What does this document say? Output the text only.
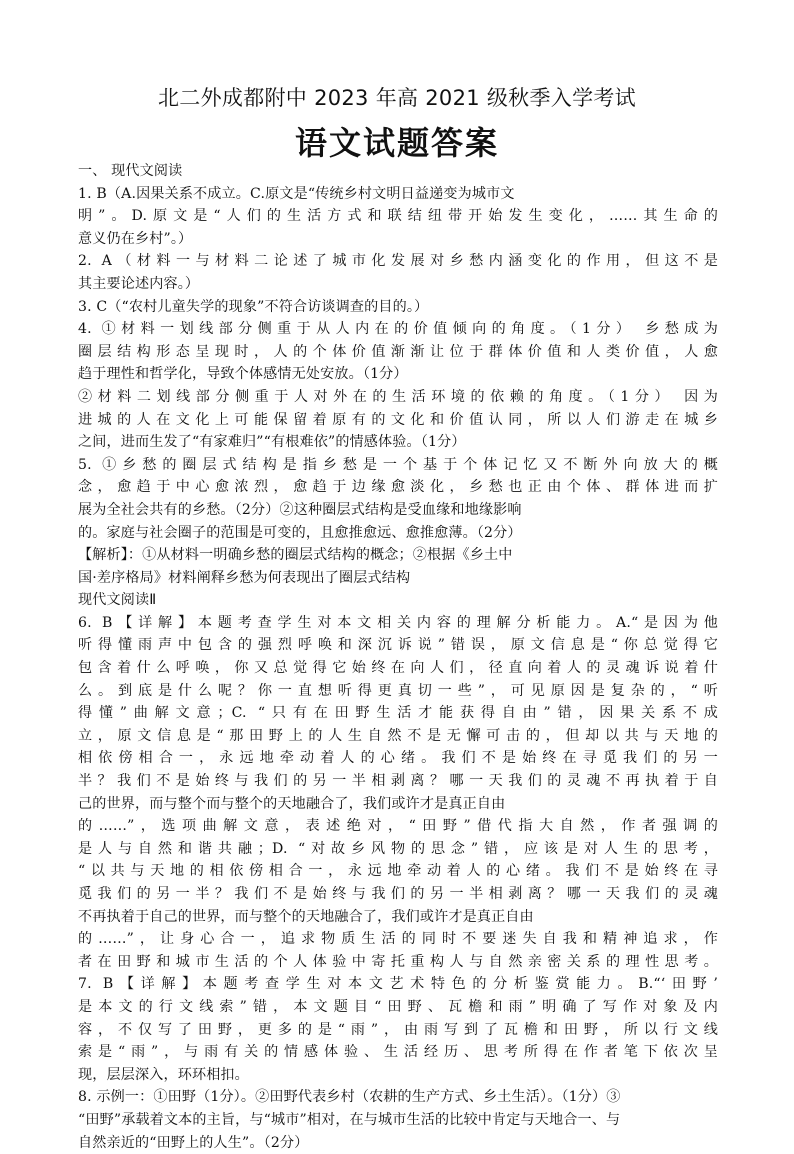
北二外成都附中 2023 年高 2021 级秋季入学考试
语文试题答案
一、 现代文阅读
1. B（A.因果关系不成立。C.原文是“传统乡村文明日益递变为城市文
明”。D.原文是“人们的生活方式和联结纽带开始发生变化，……其生命的
意义仍在乡村”。）
2. A（材料一与材料二论述了城市化发展对乡愁内涵变化的作用，但这不是
其主要论述内容。）
3. C（“农村儿童失学的现象”不符合访谈调查的目的。）
4. ①材料一划线部分侧重于从人内在的价值倾向的角度。（1分） 乡愁成为
圈层结构形态呈现时，人的个体价值渐渐让位于群体价值和人类价值，人愈
趋于理性和哲学化，导致个体感情无处安放。（1分）
②材料二划线部分侧重于人对外在的生活环境的依赖的角度。（1分） 因为
进城的人在文化上可能保留着原有的文化和价值认同，所以人们游走在城乡
之间，进而生发了“有家难归”“有根难依”的情感体验。（1分）
5. ①乡愁的圈层式结构是指乡愁是一个基于个体记忆又不断外向放大的概
念，愈趋于中心愈浓烈，愈趋于边缘愈淡化，乡愁也正由个体、群体进而扩
展为全社会共有的乡愁。（2分）②这种圈层式结构是受血缘和地缘影响
的。家庭与社会圈子的范围是可变的，且愈推愈远、愈推愈薄。（2分）
【解析】：①从材料一明确乡愁的圈层式结构的概念；②根据《乡土中
国·差序格局》材料阐释乡愁为何表现出了圈层式结构
现代文阅读Ⅱ
6. B【详解】本题考查学生对本文相关内容的理解分析能力。A.“是因为他
听得懂雨声中包含的强烈呼唤和深沉诉说”错误，原文信息是“你总觉得它
包含着什么呼唤，你又总觉得它始终在向人们，径直向着人的灵魂诉说着什
么。到底是什么呢？你一直想听得更真切一些”，可见原因是复杂的，“听
得懂”曲解文意；C. “只有在田野生活才能获得自由”错，因果关系不成
立，原文信息是“那田野上的人生自然不是无懈可击的，但却以共与天地的
相依傍相合一，永远地牵动着人的心绪。我们不是始终在寻觅我们的另一
半？我们不是始终与我们的另一半相剥离？哪一天我们的灵魂不再执着于自
己的世界，而与整个而与整个的天地融合了，我们或许才是真正自由
的……”，选项曲解文意，表述绝对，“田野”借代指大自然，作者强调的
是人与自然和谐共融；D. “对故乡风物的思念”错，应该是对人生的思考，
“以共与天地的相依傍相合一，永远地牵动着人的心绪。我们不是始终在寻
觅我们的另一半？我们不是始终与我们的另一半相剥离？哪一天我们的灵魂
不再执着于自己的世界，而与整个的天地融合了，我们或许才是真正自由
的……”，让身心合一，追求物质生活的同时不要迷失自我和精神追求，作
者在田野和城市生活的个人体验中寄托重构人与自然亲密关系的理性思考。
7. B【详解】本题考查学生对本文艺术特色的分析鉴赏能力。B.“‘田野’
是本文的行文线索”错，本文题目“田野、瓦檐和雨”明确了写作对象及内
容，不仅写了田野，更多的是“雨”，由雨写到了瓦檐和田野，所以行文线
索是“雨”，与雨有关的情感体验、生活经历、思考所得在作者笔下依次呈
现，层层深入，环环相扣。
8. 示例一：①田野（1分）。②田野代表乡村（农耕的生产方式、乡土生活）。（1分）③
“田野”承载着文本的主旨，与“城市”相对，在与城市生活的比较中肯定与天地合一、与
自然亲近的“田野上的人生”。（2分）
